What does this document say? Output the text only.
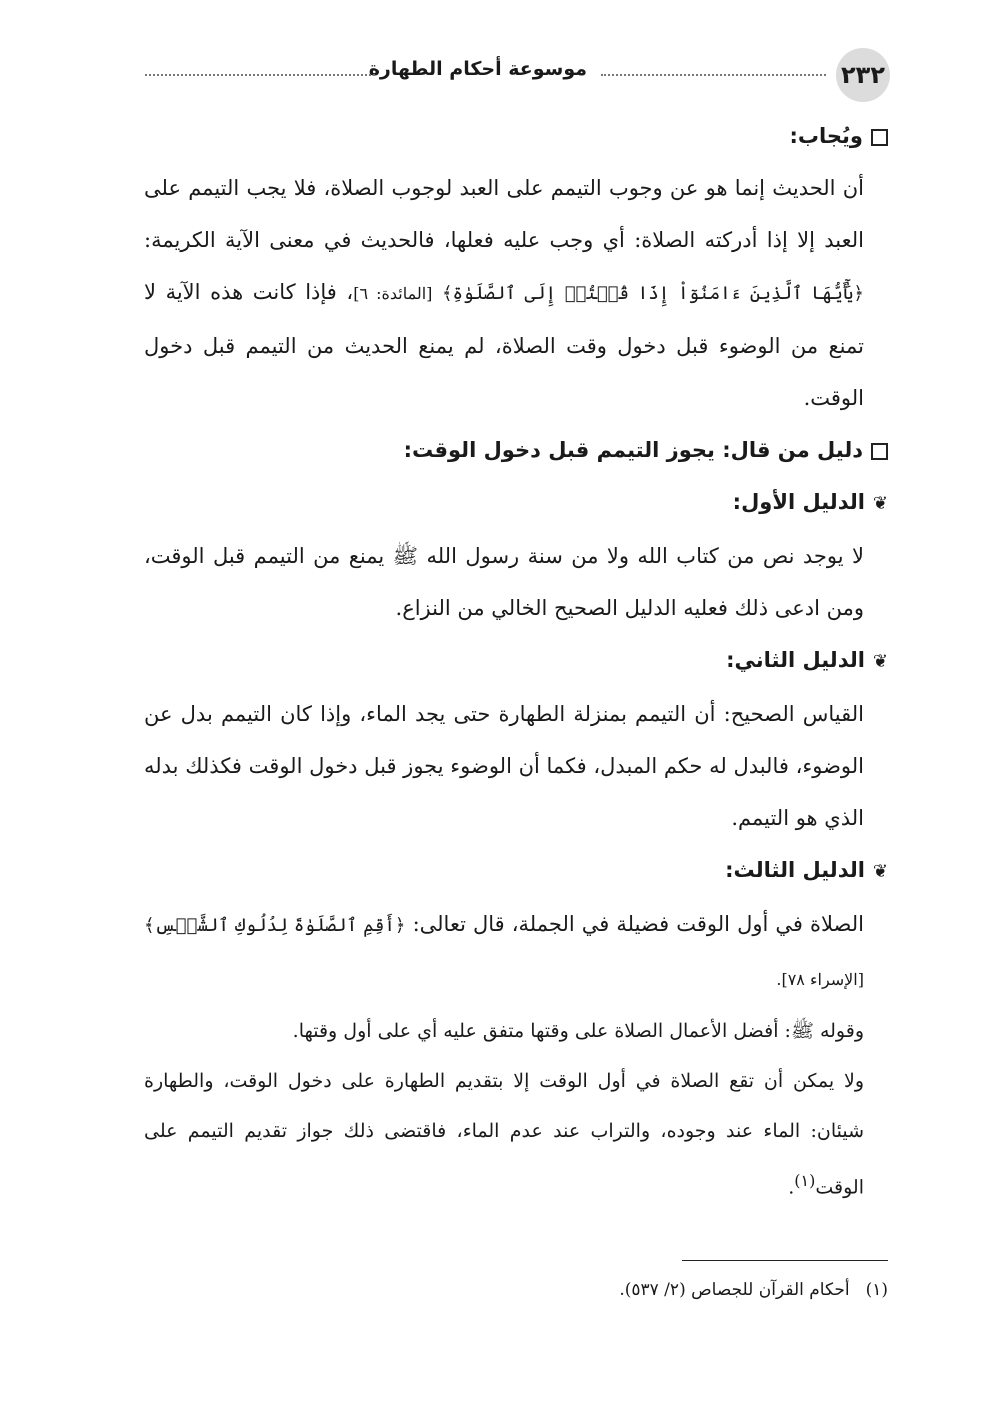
٢٣٢
موسوعة أحكام الطهارة

ويُجاب:

أن الحديث إنما هو عن وجوب التيمم على العبد لوجوب الصلاة، فلا يجب التيمم على العبد إلا إذا أدركته الصلاة: أي وجب عليه فعلها، فالحديث في معنى الآية الكريمة: ﴿يَٰٓأَيُّهَا ٱلَّذِينَ ءَامَنُوٓاْ إِذَا قُمۡتُمۡ إِلَى ٱلصَّلَوٰةِ﴾ [المائدة: ٦]، فإذا كانت هذه الآية لا تمنع من الوضوء قبل دخول وقت الصلاة، لم يمنع الحديث من التيمم قبل دخول الوقت.

دليل من قال: يجوز التيمم قبل دخول الوقت:

❦الدليل الأول:

لا يوجد نص من كتاب الله ولا من سنة رسول الله ﷺ يمنع من التيمم قبل الوقت، ومن ادعى ذلك فعليه الدليل الصحيح الخالي من النزاع.

❦الدليل الثاني:

القياس الصحيح: أن التيمم بمنزلة الطهارة حتى يجد الماء، وإذا كان التيمم بدل عن الوضوء، فالبدل له حكم المبدل، فكما أن الوضوء يجوز قبل دخول الوقت فكذلك بدله الذي هو التيمم.

❦الدليل الثالث:

الصلاة في أول الوقت فضيلة في الجملة، قال تعالى: ﴿أَقِمِ ٱلصَّلَوٰةَ لِدُلُوكِ ٱلشَّمۡسِ﴾ [الإسراء ٧٨].

وقوله ﷺ: أفضل الأعمال الصلاة على وقتها متفق عليه أي على أول وقتها.

ولا يمكن أن تقع الصلاة في أول الوقت إلا بتقديم الطهارة على دخول الوقت، والطهارة شيئان: الماء عند وجوده، والتراب عند عدم الماء، فاقتضى ذلك جواز تقديم التيمم على الوقت$^{(١)}$.

(١)أحكام القرآن للجصاص (٢/ ٥٣٧).
